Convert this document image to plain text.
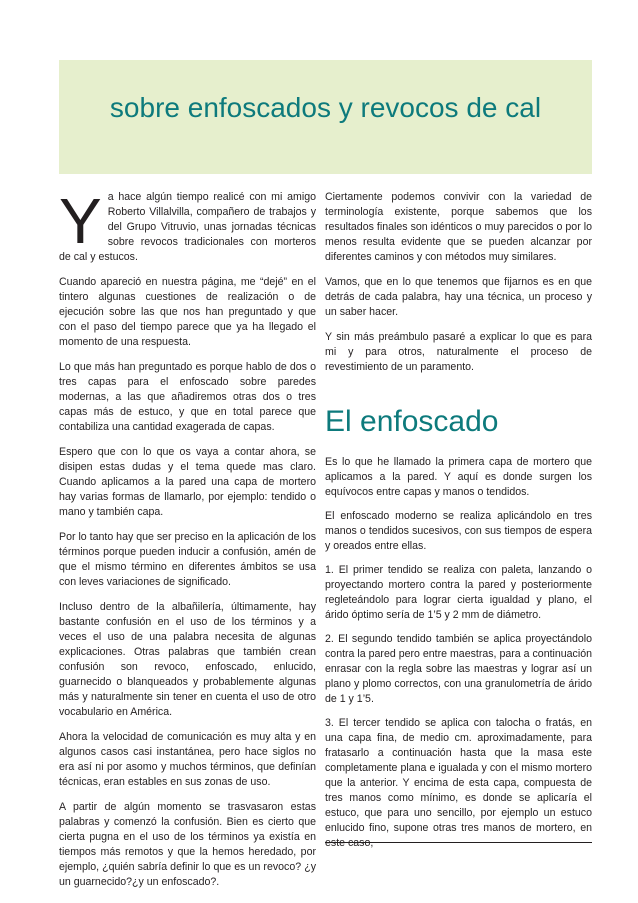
sobre enfoscados y revocos de cal

Ya hace algún tiempo realicé con mi amigo Roberto Villalvilla, compañero de trabajos y del Grupo Vitruvio, unas jornadas técnicas sobre revocos tradicionales con morteros de cal y estucos.

Cuando apareció en nuestra página, me “dejé” en el tintero algunas cuestiones de realización o de ejecución sobre las que nos han preguntado y que con el paso del tiempo parece que ya ha llegado el momento de una respuesta.

Lo que más han preguntado es porque hablo de dos o tres capas para el enfoscado sobre paredes modernas, a las que añadiremos otras dos o tres capas más de estuco, y que en total parece que contabiliza una cantidad exagerada de capas.

Espero que con lo que os vaya a contar ahora, se disipen estas dudas y el tema quede mas claro. Cuando aplicamos a la pared una capa de mortero hay varias formas de llamarlo, por ejemplo: tendido o mano y también capa.

Por lo tanto hay que ser preciso en la aplicación de los términos porque pueden inducir a confusión, amén de que el mismo término en diferentes ámbitos se usa con leves variaciones de significado.

Incluso dentro de la albañilería, últimamente, hay bastante confusión en el uso de los términos y a veces el uso de una palabra necesita de algunas explicaciones. Otras palabras que también crean confusión son revoco, enfoscado, enlucido, guarnecido o blanqueados y probablemente algunas más y naturalmente sin tener en cuenta el uso de otro vocabulario en América.

Ahora la velocidad de comunicación es muy alta y en algunos casos casi instantánea, pero hace siglos no era así ni por asomo y muchos términos, que definían técnicas, eran estables en sus zonas de uso.

A partir de algún momento se trasvasaron estas palabras y comenzó la confusión. Bien es cierto que cierta pugna en el uso de los términos ya existía en tiempos más remotos y que la hemos heredado, por ejemplo, ¿quién sabría definir lo que es un revoco? ¿y un guarnecido?¿y un enfoscado?.

Ciertamente podemos convivir con la variedad de terminología existente, porque sabemos que los resultados finales son idénticos o muy parecidos o por lo menos resulta evidente que se pueden alcanzar por diferentes caminos y con métodos muy similares.

Vamos, que en lo que tenemos que fijarnos es en que detrás de cada palabra, hay una técnica, un proceso y un saber hacer.

Y sin más preámbulo pasaré a explicar lo que es para mi y para otros, naturalmente el proceso de revestimiento de un paramento.

El enfoscado

Es lo que he llamado la primera capa de mortero que aplicamos a la pared. Y aquí es donde surgen los equívocos entre capas y manos o tendidos.

El enfoscado moderno se realiza aplicándolo en tres manos o tendidos sucesivos, con sus tiempos de espera y oreados entre ellas.

1. El primer tendido se realiza con paleta, lanzando o proyectando mortero contra la pared y posteriormente regleteándolo para lograr cierta igualdad y plano, el árido óptimo sería de 1’5 y 2 mm de diámetro.

2. El segundo tendido también se aplica proyectándolo contra la pared pero entre maestras, para a continuación enrasar con la regla sobre las maestras y lograr así un plano y plomo correctos, con una granulometría de árido de 1 y 1’5.

3. El tercer tendido se aplica con talocha o fratás, en una capa fina, de medio cm. aproximadamente, para fratasarlo a continuación hasta que la masa este completamente plana e igualada y con el mismo mortero que la anterior. Y encima de esta capa, compuesta de tres manos como mínimo, es donde se aplicaría el estuco, que para uno sencillo, por ejemplo un estuco enlucido fino, supone otras tres manos de mortero, en este caso,
